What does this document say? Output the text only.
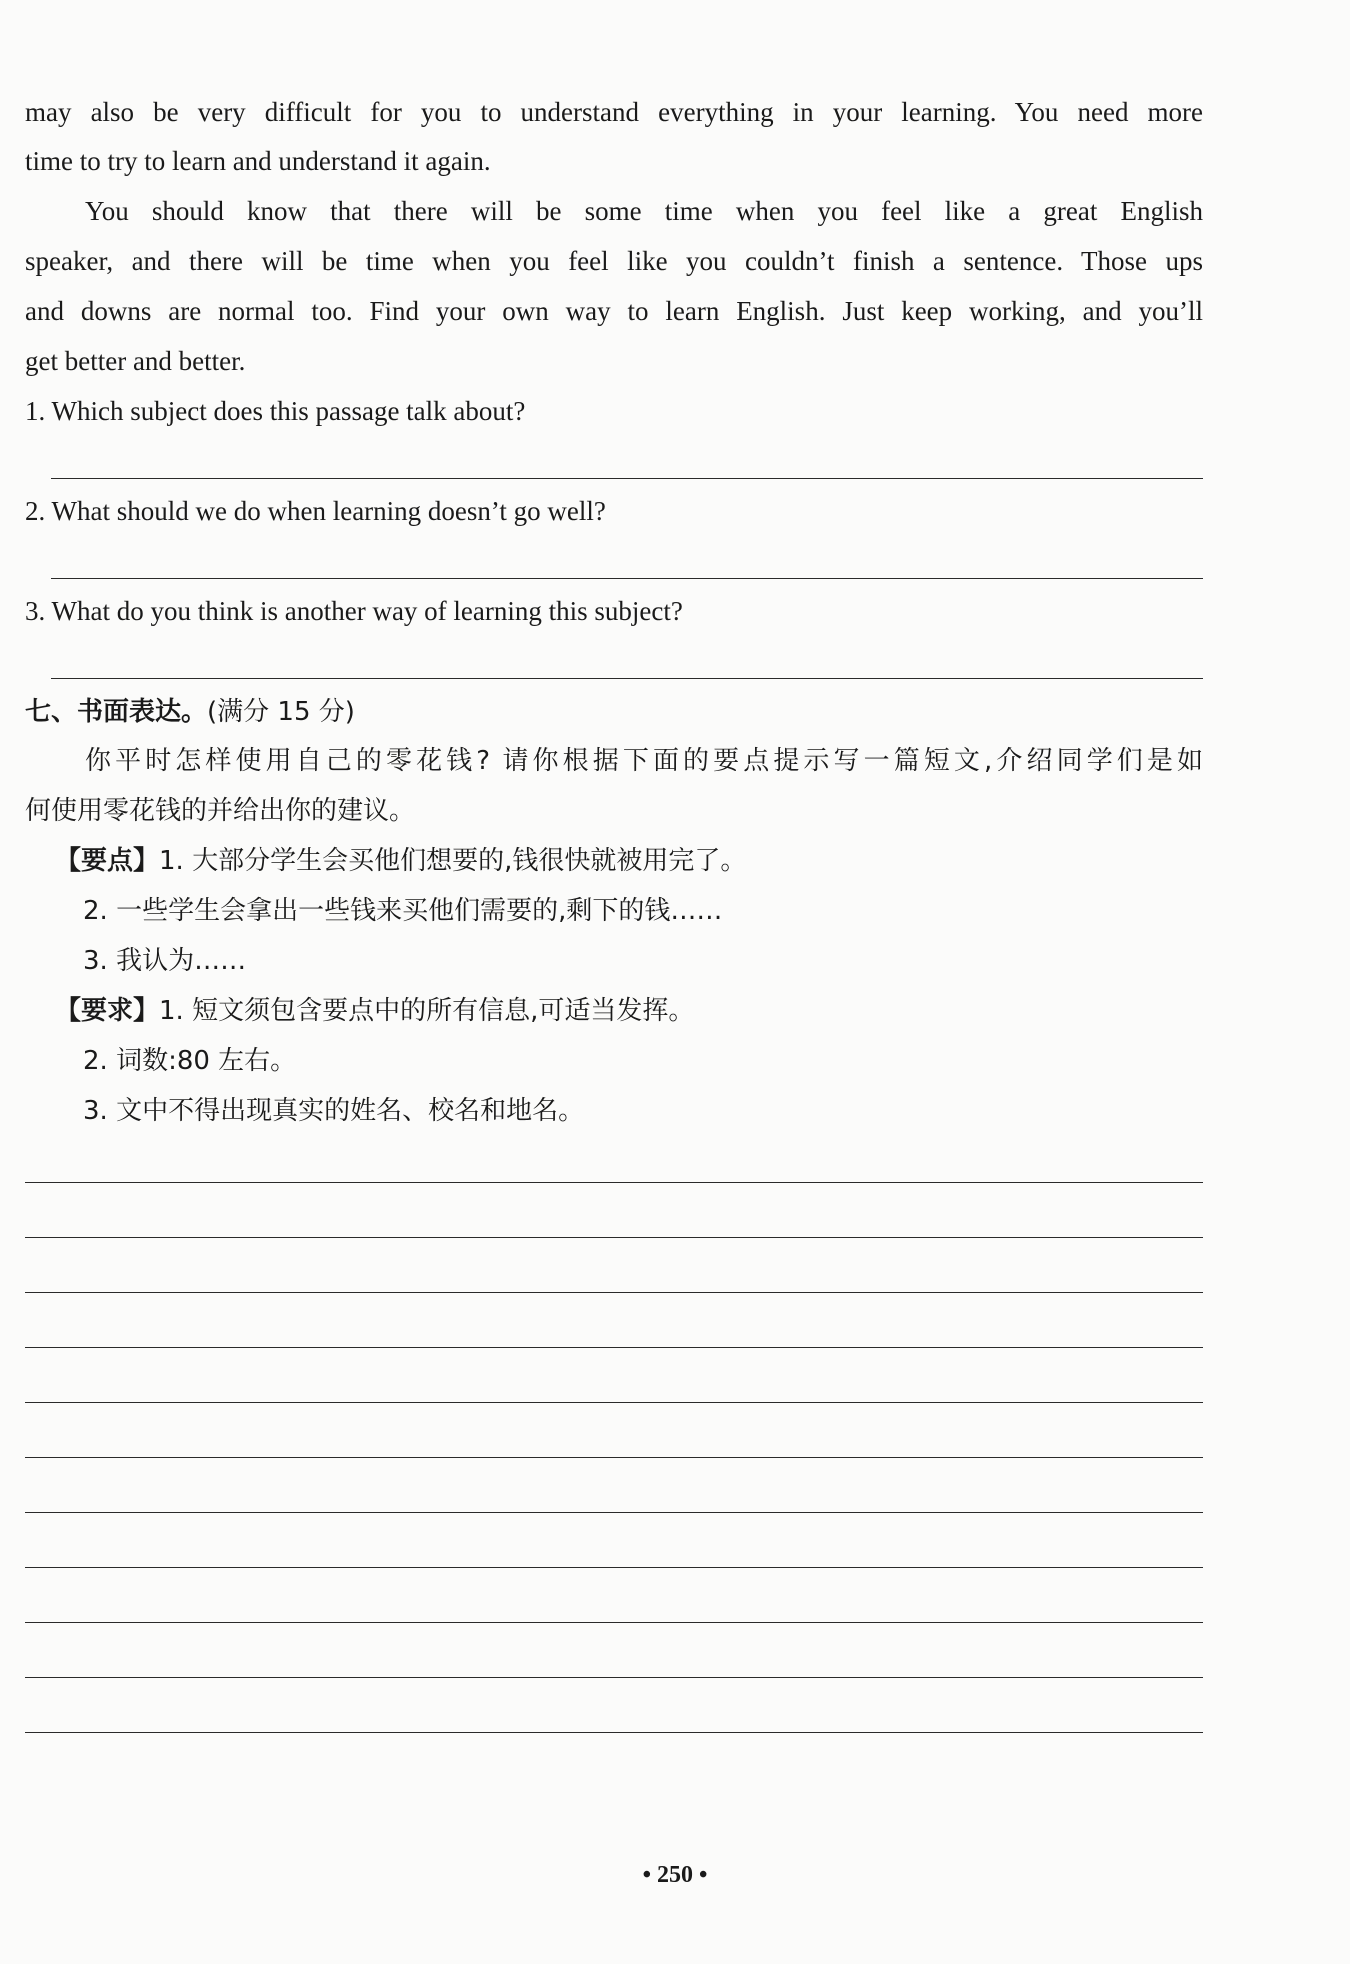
may also be very difficult for you to understand everything in your learning. You need more
time to try to learn and understand it again.
You should know that there will be some time when you feel like a great English
speaker, and there will be time when you feel like you couldn’t finish a sentence. Those ups
and downs are normal too. Find your own way to learn English. Just keep working, and you’ll
get better and better.
1. Which subject does this passage talk about?
2. What should we do when learning doesn’t go well?
3. What do you think is another way of learning this subject?
七、书面表达。(满分 15 分)
你平时怎样使用自己的零花钱? 请你根据下面的要点提示写一篇短文,介绍同学们是如
何使用零花钱的并给出你的建议。
【要点】1. 大部分学生会买他们想要的,钱很快就被用完了。
2. 一些学生会拿出一些钱来买他们需要的,剩下的钱……
3. 我认为……
【要求】1. 短文须包含要点中的所有信息,可适当发挥。
2. 词数:80 左右。
3. 文中不得出现真实的姓名、校名和地名。
• 250 •
